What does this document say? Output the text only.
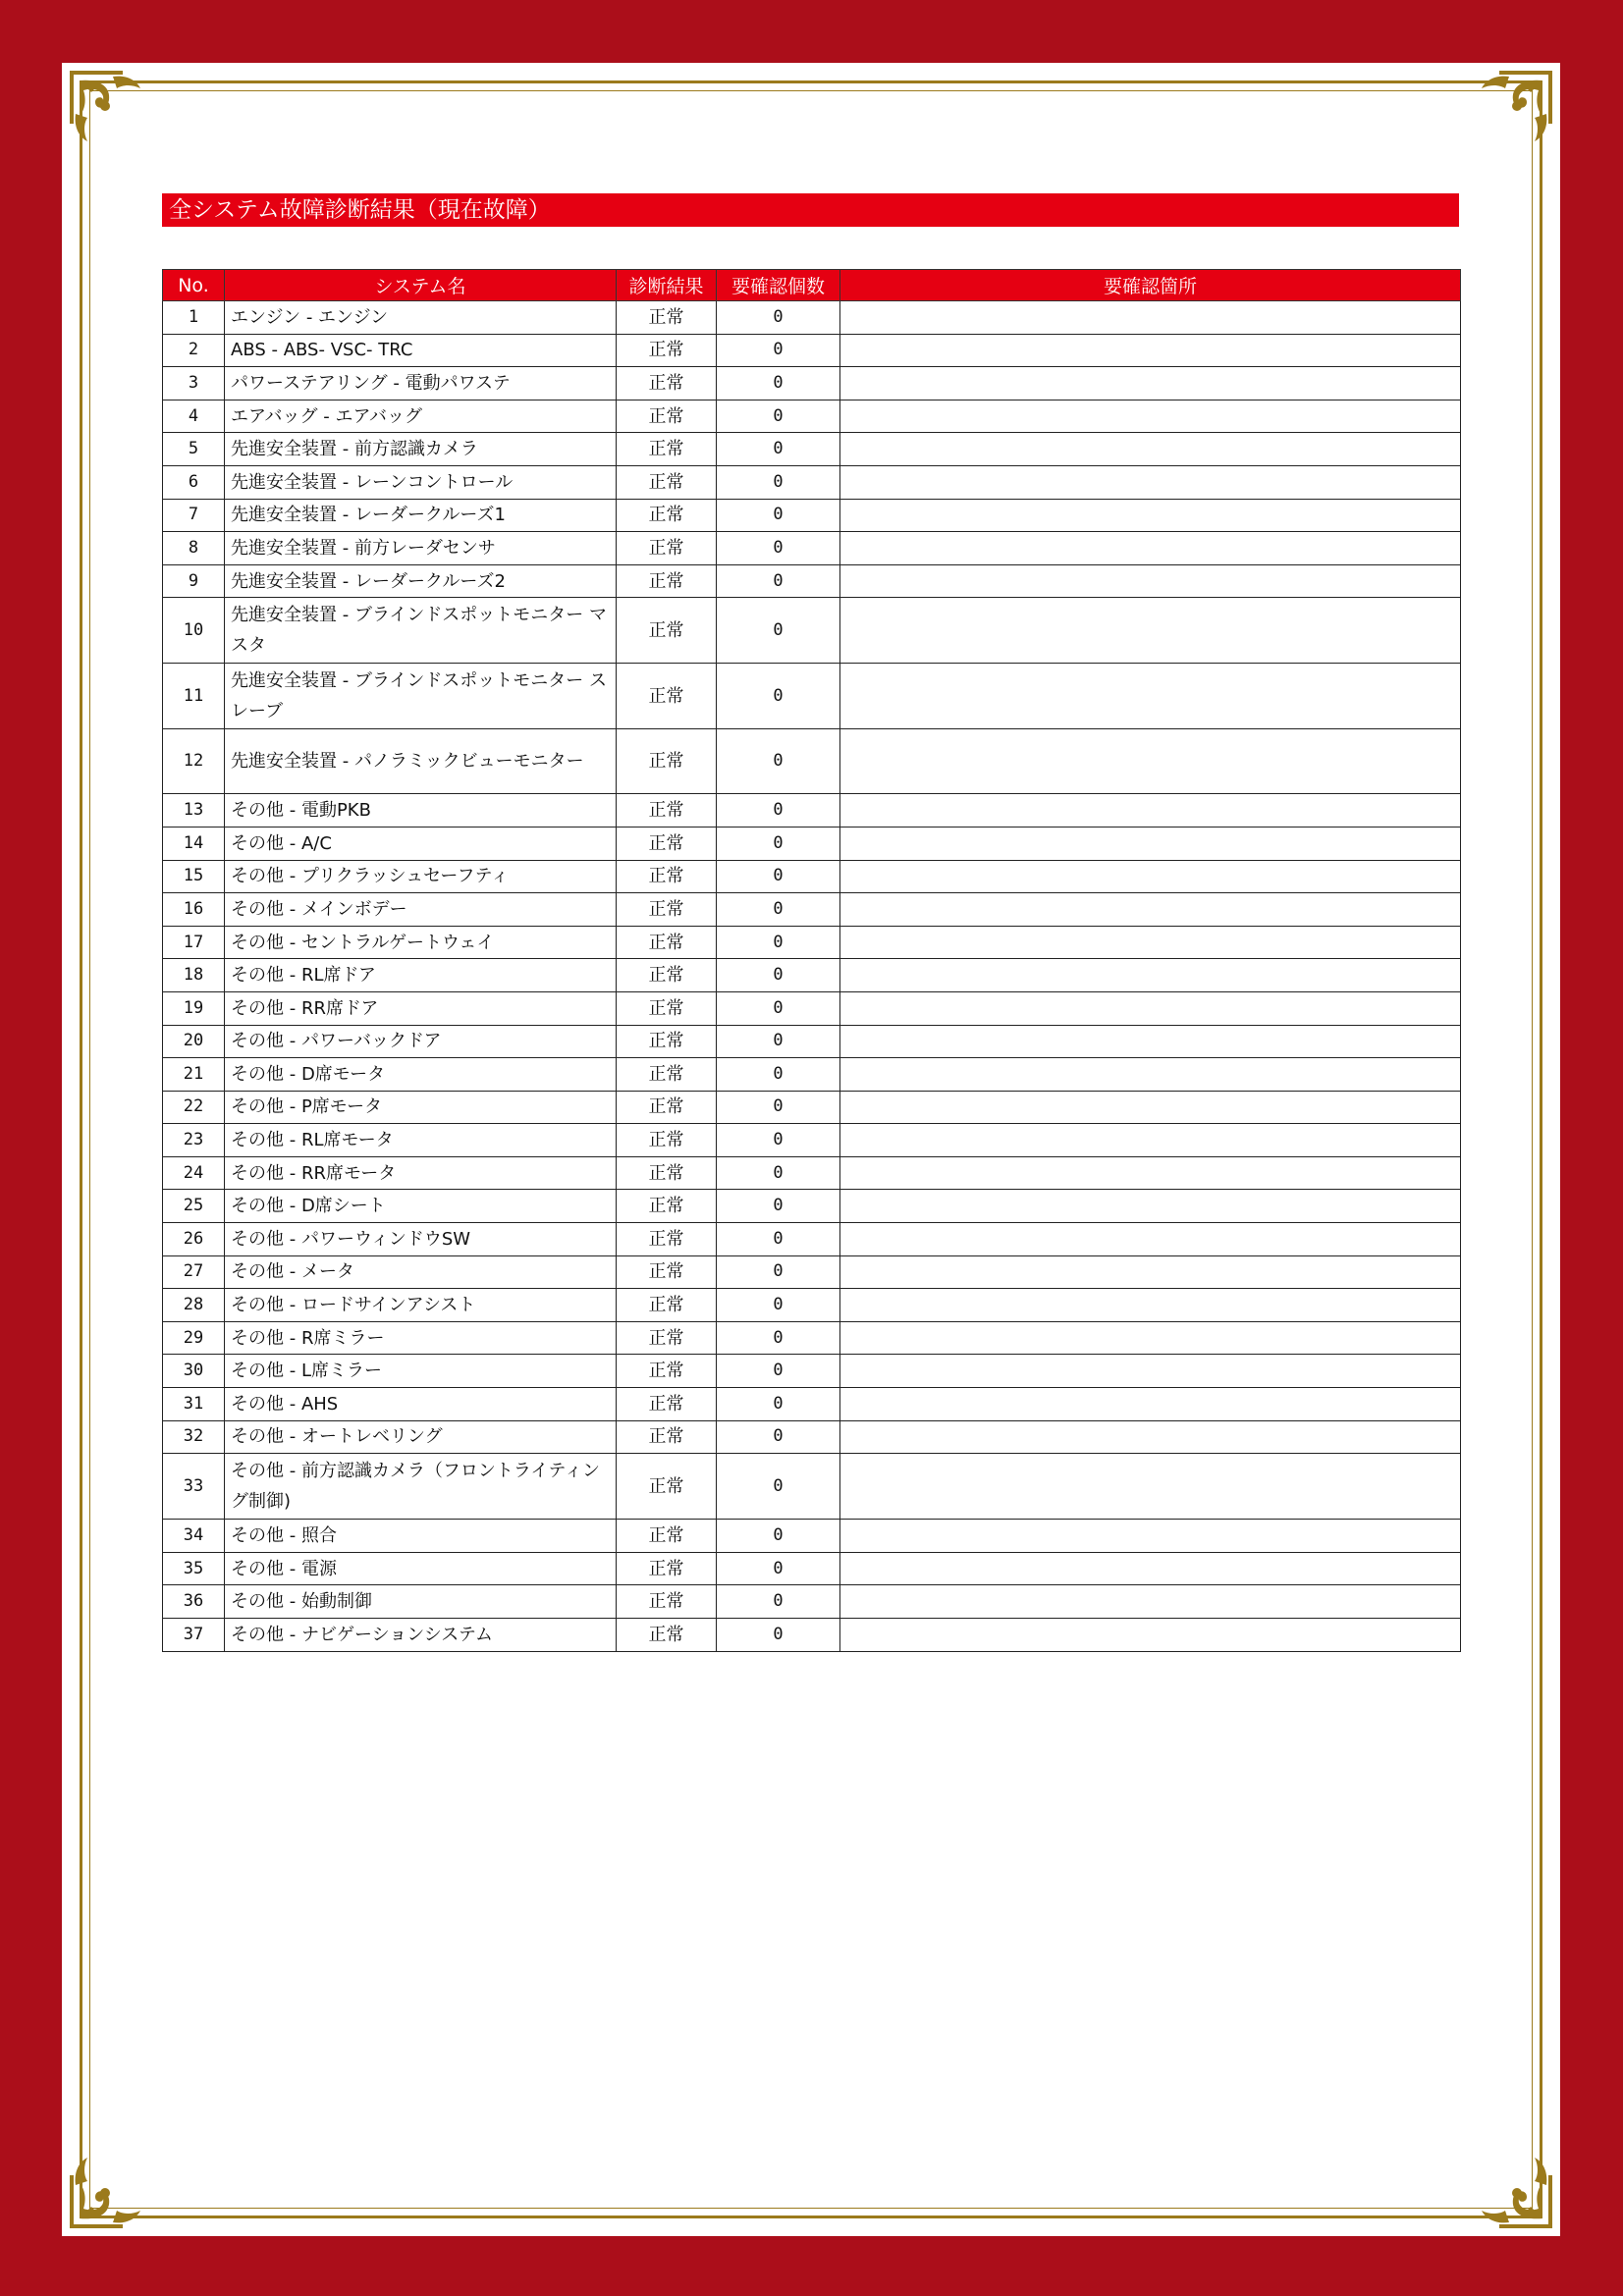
全システム故障診断結果（現在故障）
No.	システム名	診断結果	要確認個数	要確認箇所
1	エンジン - エンジン	正常	0	
2	ABS - ABS- VSC- TRC	正常	0	
3	パワーステアリング - 電動パワステ	正常	0	
4	エアバッグ - エアバッグ	正常	0	
5	先進安全装置 - 前方認識カメラ	正常	0	
6	先進安全装置 - レーンコントロール	正常	0	
7	先進安全装置 - レーダークルーズ1	正常	0	
8	先進安全装置 - 前方レーダセンサ	正常	0	
9	先進安全装置 - レーダークルーズ2	正常	0	
10	先進安全装置 - ブラインドスポットモニター マスタ	正常	0	
11	先進安全装置 - ブラインドスポットモニター スレーブ	正常	0	
12	先進安全装置 - パノラミックビューモニター	正常	0	
13	その他 - 電動PKB	正常	0	
14	その他 - A/C	正常	0	
15	その他 - プリクラッシュセーフティ	正常	0	
16	その他 - メインボデー	正常	0	
17	その他 - セントラルゲートウェイ	正常	0	
18	その他 - RL席ドア	正常	0	
19	その他 - RR席ドア	正常	0	
20	その他 - パワーバックドア	正常	0	
21	その他 - D席モータ	正常	0	
22	その他 - P席モータ	正常	0	
23	その他 - RL席モータ	正常	0	
24	その他 - RR席モータ	正常	0	
25	その他 - D席シート	正常	0	
26	その他 - パワーウィンドウSW	正常	0	
27	その他 - メータ	正常	0	
28	その他 - ロードサインアシスト	正常	0	
29	その他 - R席ミラー	正常	0	
30	その他 - L席ミラー	正常	0	
31	その他 - AHS	正常	0	
32	その他 - オートレベリング	正常	0	
33	その他 - 前方認識カメラ（フロントライティング制御)	正常	0	
34	その他 - 照合	正常	0	
35	その他 - 電源	正常	0	
36	その他 - 始動制御	正常	0	
37	その他 - ナビゲーションシステム	正常	0	
